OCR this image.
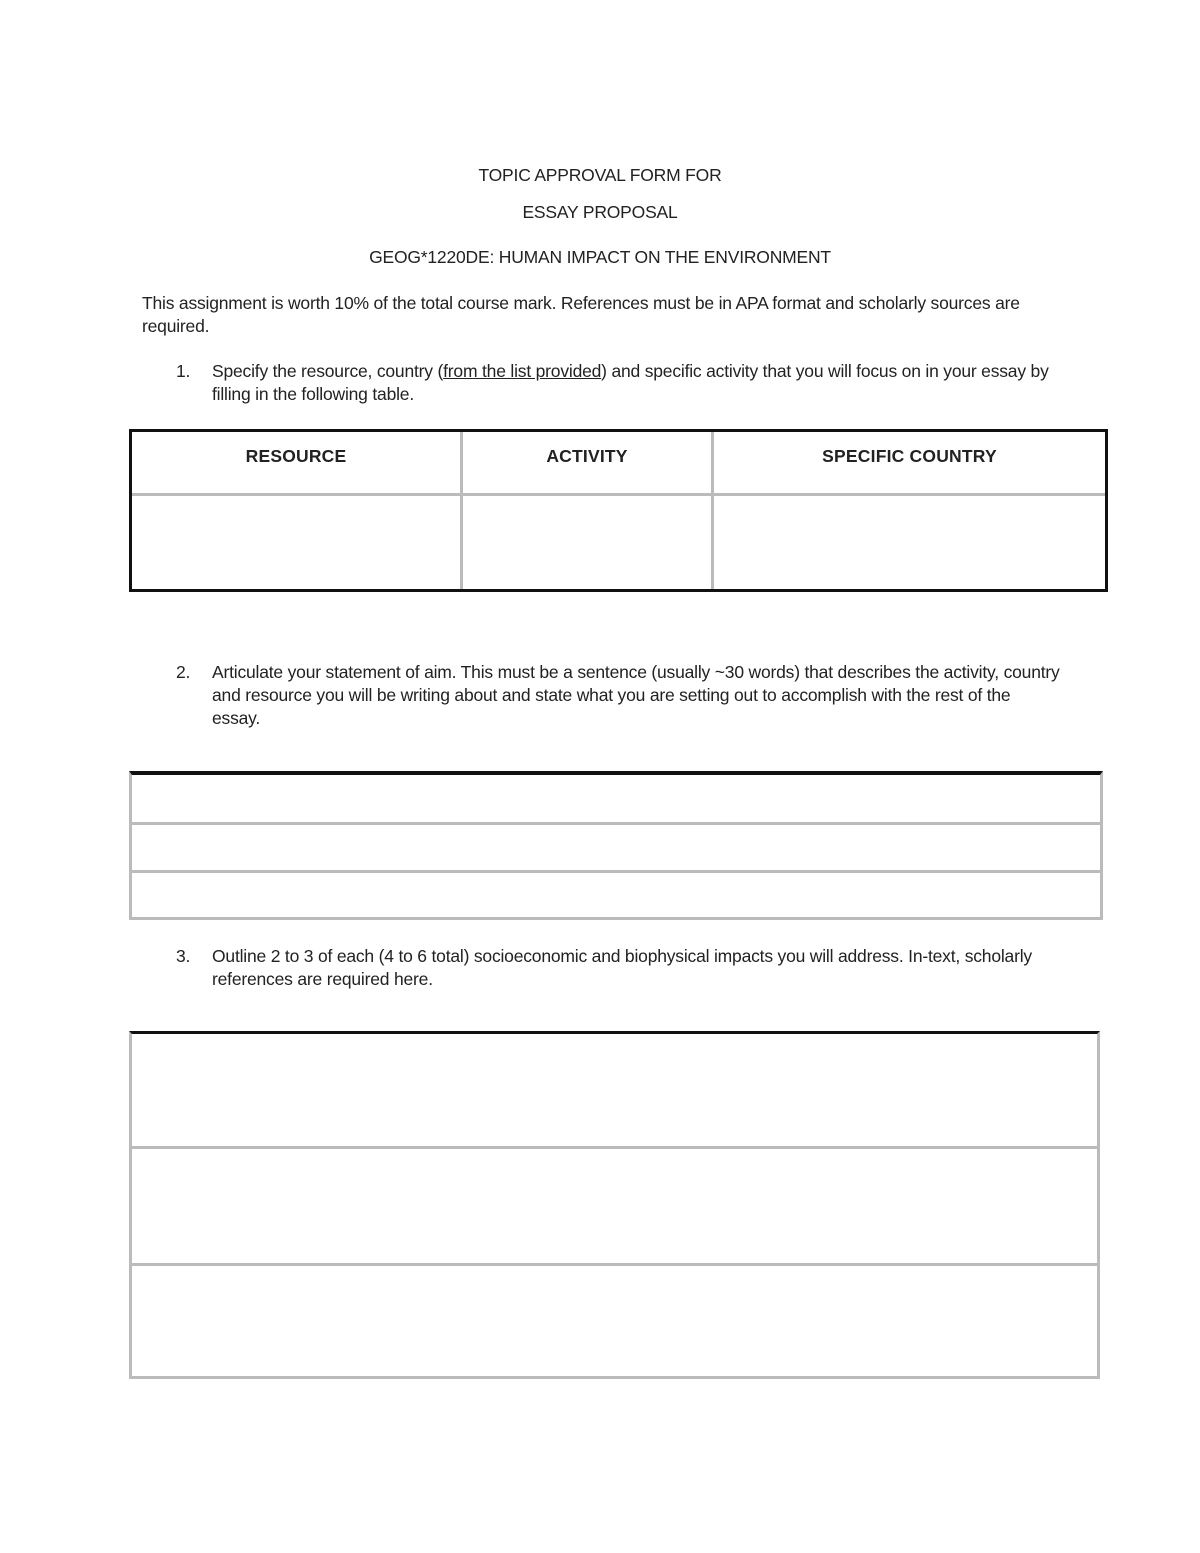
TOPIC APPROVAL FORM FOR
ESSAY PROPOSAL
GEOG*1220DE: HUMAN IMPACT ON THE ENVIRONMENT
This assignment is worth 10% of the total course mark. References must be in APA format and scholarly sources are required.
1. Specify the resource, country (from the list provided) and specific activity that you will focus on in your essay by filling in the following table.
RESOURCE	ACTIVITY	SPECIFIC COUNTRY
2. Articulate your statement of aim. This must be a sentence (usually ~30 words) that describes the activity, country and resource you will be writing about and state what you are setting out to accomplish with the rest of the essay.
3. Outline 2 to 3 of each (4 to 6 total) socioeconomic and biophysical impacts you will address. In-text, scholarly references are required here.
